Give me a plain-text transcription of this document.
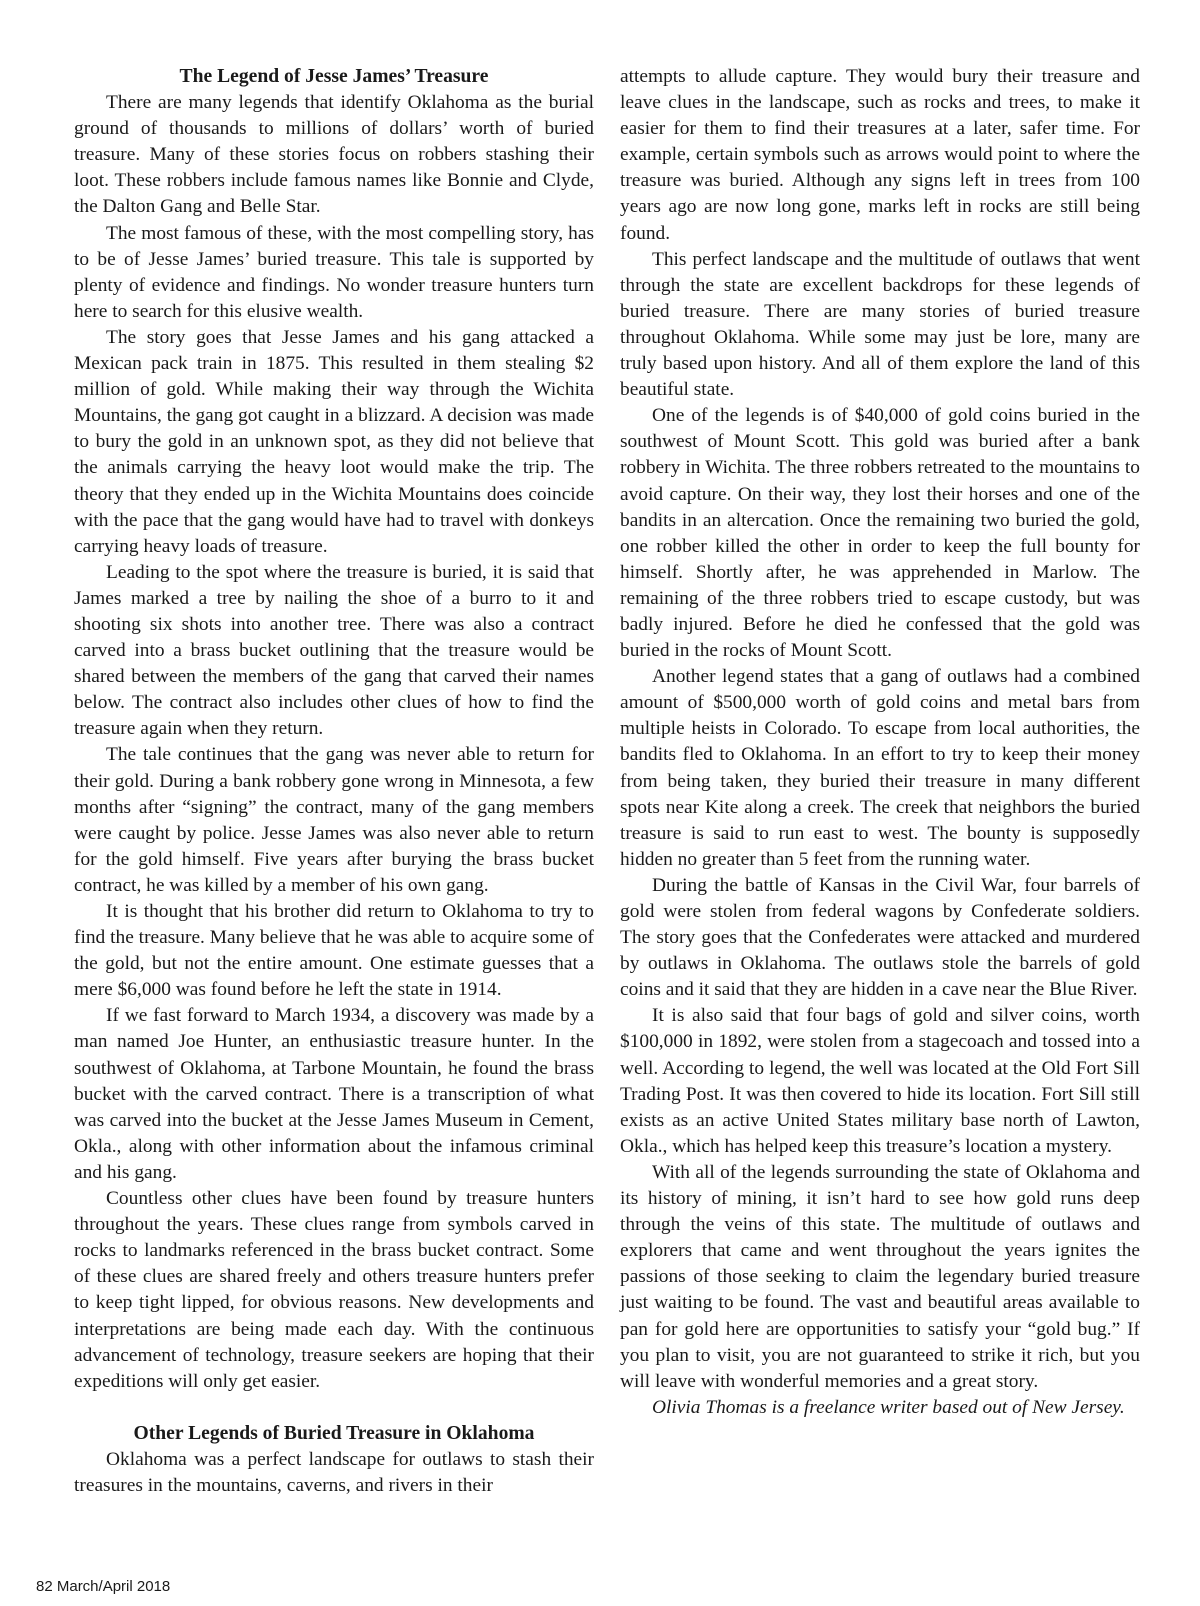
The Legend of Jesse James’ Treasure

There are many legends that identify Oklahoma as the burial ground of thousands to millions of dollars’ worth of buried treasure. Many of these stories focus on robbers stashing their loot. These robbers include famous names like Bonnie and Clyde, the Dalton Gang and Belle Star.

The most famous of these, with the most compelling story, has to be of Jesse James’ buried treasure. This tale is supported by plenty of evidence and findings. No wonder treasure hunters turn here to search for this elusive wealth.

The story goes that Jesse James and his gang attacked a Mexican pack train in 1875. This resulted in them stealing $2 million of gold. While making their way through the Wichita Mountains, the gang got caught in a blizzard. A decision was made to bury the gold in an unknown spot, as they did not believe that the animals carrying the heavy loot would make the trip. The theory that they ended up in the Wichita Mountains does coincide with the pace that the gang would have had to travel with donkeys carrying heavy loads of treasure.

Leading to the spot where the treasure is buried, it is said that James marked a tree by nailing the shoe of a burro to it and shooting six shots into another tree. There was also a contract carved into a brass bucket outlining that the treasure would be shared between the members of the gang that carved their names below. The contract also includes other clues of how to find the treasure again when they return.

The tale continues that the gang was never able to return for their gold. During a bank robbery gone wrong in Minnesota, a few months after “signing” the contract, many of the gang members were caught by police. Jesse James was also never able to return for the gold himself. Five years after burying the brass bucket contract, he was killed by a member of his own gang.

It is thought that his brother did return to Oklahoma to try to find the treasure. Many believe that he was able to acquire some of the gold, but not the entire amount. One estimate guesses that a mere $6,000 was found before he left the state in 1914.

If we fast forward to March 1934, a discovery was made by a man named Joe Hunter, an enthusiastic treasure hunter. In the southwest of Oklahoma, at Tarbone Mountain, he found the brass bucket with the carved contract. There is a transcription of what was carved into the bucket at the Jesse James Museum in Cement, Okla., along with other information about the infamous criminal and his gang.

Countless other clues have been found by treasure hunters throughout the years. These clues range from symbols carved in rocks to landmarks referenced in the brass bucket contract. Some of these clues are shared freely and others treasure hunters prefer to keep tight lipped, for obvious reasons. New developments and interpretations are being made each day. With the continuous advancement of technology, treasure seekers are hoping that their expeditions will only get easier.

Other Legends of Buried Treasure in Oklahoma

Oklahoma was a perfect landscape for outlaws to stash their treasures in the mountains, caverns, and rivers in their

attempts to allude capture. They would bury their treasure and leave clues in the landscape, such as rocks and trees, to make it easier for them to find their treasures at a later, safer time. For example, certain symbols such as arrows would point to where the treasure was buried. Although any signs left in trees from 100 years ago are now long gone, marks left in rocks are still being found.

This perfect landscape and the multitude of outlaws that went through the state are excellent backdrops for these legends of buried treasure. There are many stories of buried treasure throughout Oklahoma. While some may just be lore, many are truly based upon history. And all of them explore the land of this beautiful state.

One of the legends is of $40,000 of gold coins buried in the southwest of Mount Scott. This gold was buried after a bank robbery in Wichita. The three robbers retreated to the mountains to avoid capture. On their way, they lost their horses and one of the bandits in an altercation. Once the remaining two buried the gold, one robber killed the other in order to keep the full bounty for himself. Shortly after, he was apprehended in Marlow. The remaining of the three robbers tried to escape custody, but was badly injured. Before he died he confessed that the gold was buried in the rocks of Mount Scott.

Another legend states that a gang of outlaws had a combined amount of $500,000 worth of gold coins and metal bars from multiple heists in Colorado. To escape from local authorities, the bandits fled to Oklahoma. In an effort to try to keep their money from being taken, they buried their treasure in many different spots near Kite along a creek. The creek that neighbors the buried treasure is said to run east to west. The bounty is supposedly hidden no greater than 5 feet from the running water.

During the battle of Kansas in the Civil War, four barrels of gold were stolen from federal wagons by Confederate soldiers. The story goes that the Confederates were attacked and murdered by outlaws in Oklahoma. The outlaws stole the barrels of gold coins and it said that they are hidden in a cave near the Blue River.

It is also said that four bags of gold and silver coins, worth $100,000 in 1892, were stolen from a stagecoach and tossed into a well. According to legend, the well was located at the Old Fort Sill Trading Post. It was then covered to hide its location. Fort Sill still exists as an active United States military base north of Lawton, Okla., which has helped keep this treasure’s location a mystery.

With all of the legends surrounding the state of Oklahoma and its history of mining, it isn’t hard to see how gold runs deep through the veins of this state. The multitude of outlaws and explorers that came and went throughout the years ignites the passions of those seeking to claim the legendary buried treasure just waiting to be found. The vast and beautiful areas available to pan for gold here are opportunities to satisfy your “gold bug.” If you plan to visit, you are not guaranteed to strike it rich, but you will leave with wonderful memories and a great story.

Olivia Thomas is a freelance writer based out of New Jersey.

82 March/April 2018
